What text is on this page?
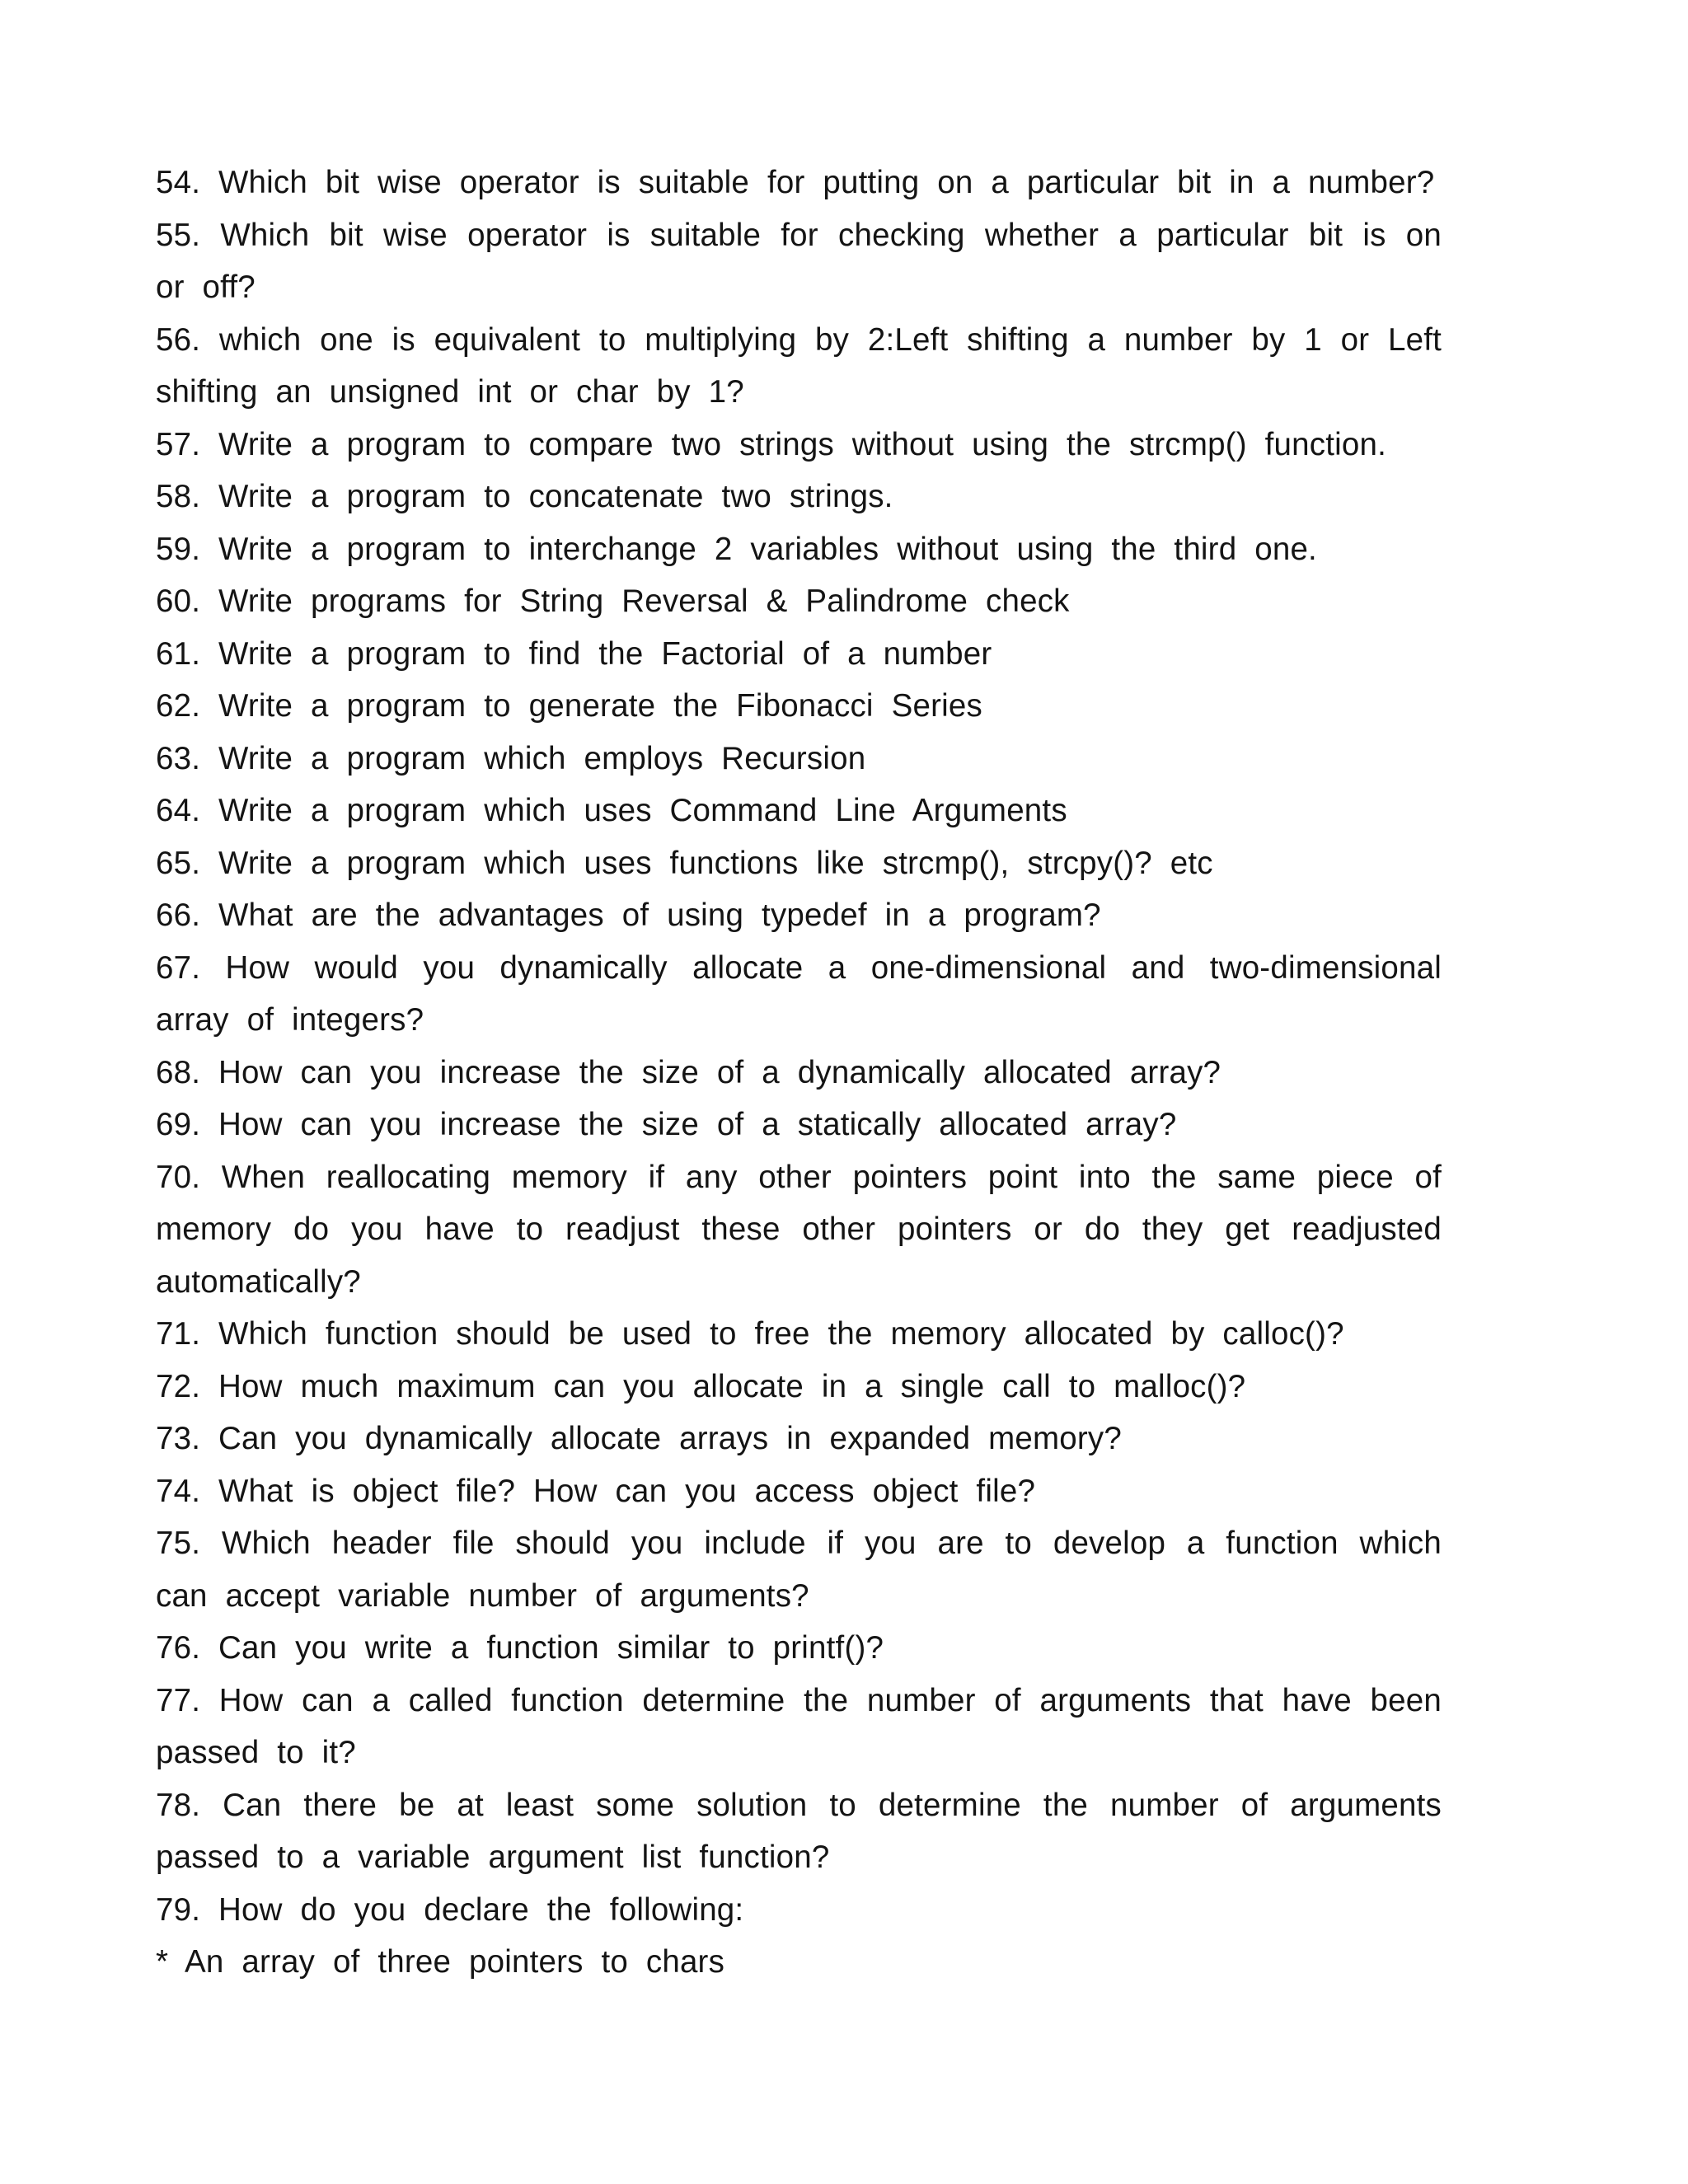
54. Which bit wise operator is suitable for putting on a particular bit in a number?

55. Which bit wise operator is suitable for checking whether a particular bit is on or off?

56. which one is equivalent to multiplying by 2:Left shifting a number by 1 or Left shifting an unsigned int or char by 1?

57. Write a program to compare two strings without using the strcmp() function.

58. Write a program to concatenate two strings.

59. Write a program to interchange 2 variables without using the third one.

60. Write programs for String Reversal & Palindrome check

61. Write a program to find the Factorial of a number

62. Write a program to generate the Fibonacci Series

63. Write a program which employs Recursion

64. Write a program which uses Command Line Arguments

65. Write a program which uses functions like strcmp(), strcpy()? etc

66. What are the advantages of using typedef in a program?

67. How would you dynamically allocate a one-dimensional and two-dimensional array of integers?

68. How can you increase the size of a dynamically allocated array?

69. How can you increase the size of a statically allocated array?

70. When reallocating memory if any other pointers point into the same piece of memory do you have to readjust these other pointers or do they get readjusted automatically?

71. Which function should be used to free the memory allocated by calloc()?

72. How much maximum can you allocate in a single call to malloc()?

73. Can you dynamically allocate arrays in expanded memory?

74. What is object file? How can you access object file?

75. Which header file should you include if you are to develop a function which can accept variable number of arguments?

76. Can you write a function similar to printf()?

77. How can a called function determine the number of arguments that have been passed to it?

78. Can there be at least some solution to determine the number of arguments passed to a variable argument list function?

79. How do you declare the following:

* An array of three pointers to chars
